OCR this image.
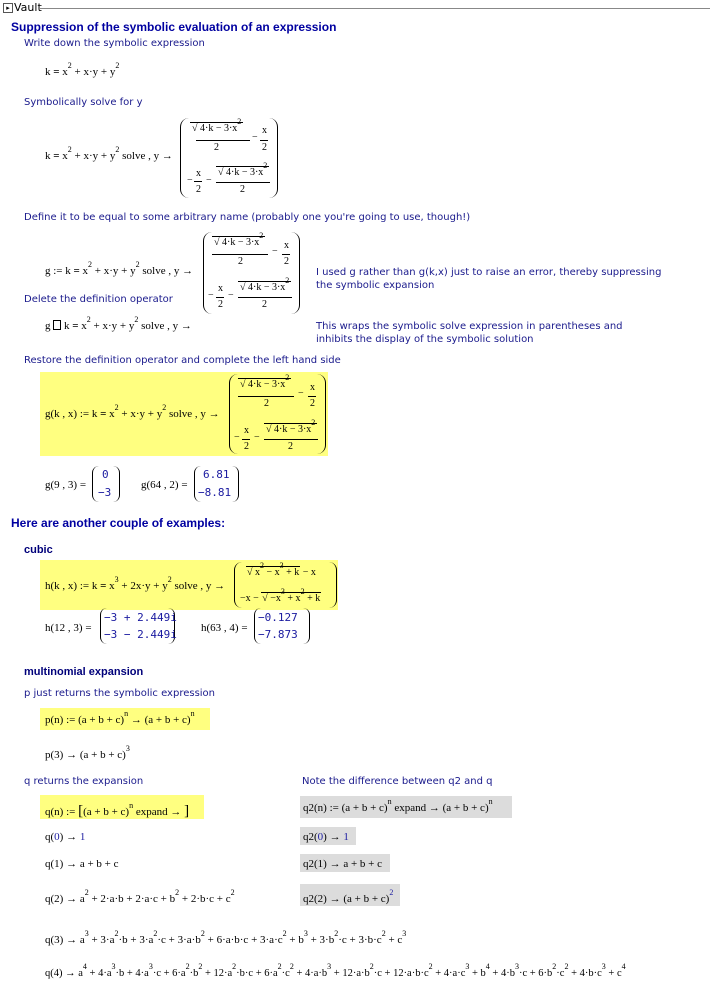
▸ Vault
Suppression of the symbolic evaluation of an expression
Write down the symbolic expression
$k = x^2 + x\cdot y + y^2$
Symbolically solve for y
$k = x^2 + x\cdot y + y^2$ solve , y →
√ $4\cdot k - 3\cdot x^2$
2
−
x
2
−
x
2
−
√ $4\cdot k - 3\cdot x^2$
2
Define it to be equal to some arbitrary name (probably one you're going to use, though!)
g := $k = x^2 + x\cdot y + y^2$ solve , y →
√ $4\cdot k - 3\cdot x^2$
2
−
x
2
−
x
2
−
√ $4\cdot k - 3\cdot x^2$
2
I used g rather than g(k,x) just to raise an error, thereby suppressing
the symbolic expansion
Delete the definition operator
g  $k = x^2 + x\cdot y + y^2$ solve , y →	This wraps the symbolic solve expression in parentheses and
inhibits the display of the symbolic solution
Restore the definition operator and complete the left hand side
g(k , x) := $k = x^2 + x\cdot y + y^2$ solve , y →
√ $4\cdot k - 3\cdot x^2$
2
−
x
2
−
x
2
−
√ $4\cdot k - 3\cdot x^2$
2
g(9 , 3) =
0
−3
g(64 , 2) =
6.81
−8.81
Here are another couple of examples:
cubic
h(k , x) := $k = x^3 + 2x\cdot y + y^2$ solve , y →
√ $x^2 - x^3 + k - x$
−x − √ $-x^3 + x^2 + k$
h(12 , 3) =
−3 + 2.449i
−3 − 2.449i h(63 , 4) =
−0.127
−7.873
multinomial expansion
p just returns the symbolic expression
p(n) := $(a + b + c)^n \to (a + b + c)^n$
$p(3) \to (a + b + c)^3$
q returns the expansion	Note the difference between q2 and q
q(n) := [$(a + b + c)^n$ expand → ]	q2(n) := $(a + b + c)^n$ expand → $(a + b + c)^n$
q(0) → 1	q2(0) → 1
q(1) → a + b + c	q2(1) → a + b + c
$q(2) \to a^2 + 2\cdot a\cdot b + 2\cdot a\cdot c + b^2 + 2\cdot b\cdot c + c^2$
$q2(2) \to (a + b + c)^2$
$q(3) \to a^3 + 3\cdot a^2\cdot b + 3\cdot a^2\cdot c + 3\cdot a\cdot b^2 + 6\cdot a\cdot b\cdot c + 3\cdot a\cdot c^2 + b^3 + 3\cdot b^2\cdot c + 3\cdot b\cdot c^2 + c^3$
$q(4) \to a^4 + 4\cdot a^3\cdot b + 4\cdot a^3\cdot c + 6\cdot a^2\cdot b^2 + 12\cdot a^2\cdot b\cdot c + 6\cdot a^2\cdot c^2 + 4\cdot a\cdot b^3 + 12\cdot a\cdot b^2\cdot c + 12\cdot a\cdot b\cdot c^2 + 4\cdot a\cdot c^3 + b^4 + 4\cdot b^3\cdot c + 6\cdot b^2\cdot c^2 + 4\cdot b\cdot c^3 + c^4$
